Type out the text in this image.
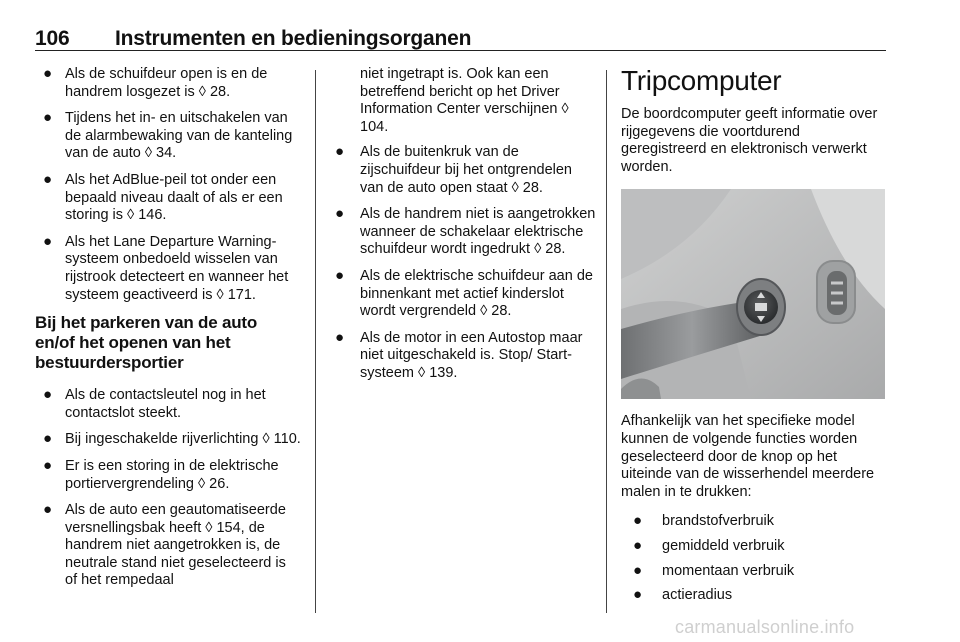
106 Instrumenten en bedieningsorganen
● Als de schuifdeur open is en de handrem losgezet is ◊ 28.
● Tijdens het in- en uitschakelen van de alarmbewaking van de kanteling van de auto ◊ 34.
● Als het AdBlue-peil tot onder een bepaald niveau daalt of als er een storing is ◊ 146.
● Als het Lane Departure Warning-systeem onbedoeld wisselen van rijstrook detecteert en wanneer het systeem geactiveerd is ◊ 171.
Bij het parkeren van de auto en/of het openen van het bestuurdersportier
● Als de contactsleutel nog in het contactslot steekt.
● Bij ingeschakelde rijverlichting ◊ 110.
● Er is een storing in de elektrische portiervergrendeling ◊ 26.
● Als de auto een geautomatiseerde versnellingsbak heeft ◊ 154, de handrem niet aangetrokken is, de neutrale stand niet geselecteerd is of het rempedaal
niet ingetrapt is. Ook kan een betreffend bericht op het Driver Information Center verschijnen ◊ 104.
● Als de buitenkruk van de zijschuifdeur bij het ontgrendelen van de auto open staat ◊ 28.
● Als de handrem niet is aangetrokken wanneer de schakelaar elektrische schuifdeur wordt ingedrukt ◊ 28.
● Als de elektrische schuifdeur aan de binnenkant met actief kinderslot wordt vergrendeld ◊ 28.
● Als de motor in een Autostop maar niet uitgeschakeld is. Stop/ Start-systeem ◊ 139.
Tripcomputer
De boordcomputer geeft informatie over rijgegevens die voortdurend geregistreerd en elektronisch verwerkt worden.
Afhankelijk van het specifieke model kunnen de volgende functies worden geselecteerd door de knop op het uiteinde van de wisserhendel meerdere malen in te drukken:
● brandstofverbruik
● gemiddeld verbruik
● momentaan verbruik
● actieradius
carmanualsonline.info
